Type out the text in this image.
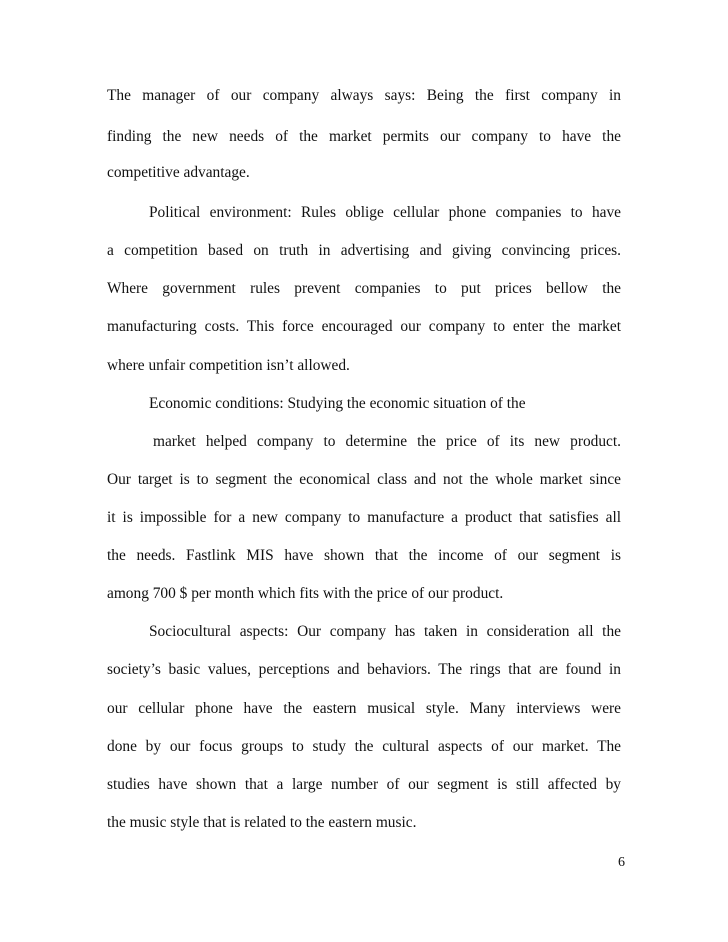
The manager of our company always says: Being the first company in
finding the new needs of the market permits our company to have the
competitive advantage.
Political environment: Rules oblige cellular phone companies to have
a competition based on truth in advertising and giving convincing prices.
Where government rules prevent companies to put prices bellow the
manufacturing costs. This force encouraged our company to enter the market
where unfair competition isn’t allowed.
Economic conditions: Studying the economic situation of the
market helped company to determine the price of its new product.
Our target is to segment the economical class and not the whole market since
it is impossible for a new company to manufacture a product that satisfies all
the needs. Fastlink MIS have shown that the income of our segment is
among 700 $ per month which fits with the price of our product.
Sociocultural aspects: Our company has taken in consideration all the
society’s basic values, perceptions and behaviors. The rings that are found in
our cellular phone have the eastern musical style. Many interviews were
done by our focus groups to study the cultural aspects of our market. The
studies have shown that a large number of our segment is still affected by
the music style that is related to the eastern music.
6
